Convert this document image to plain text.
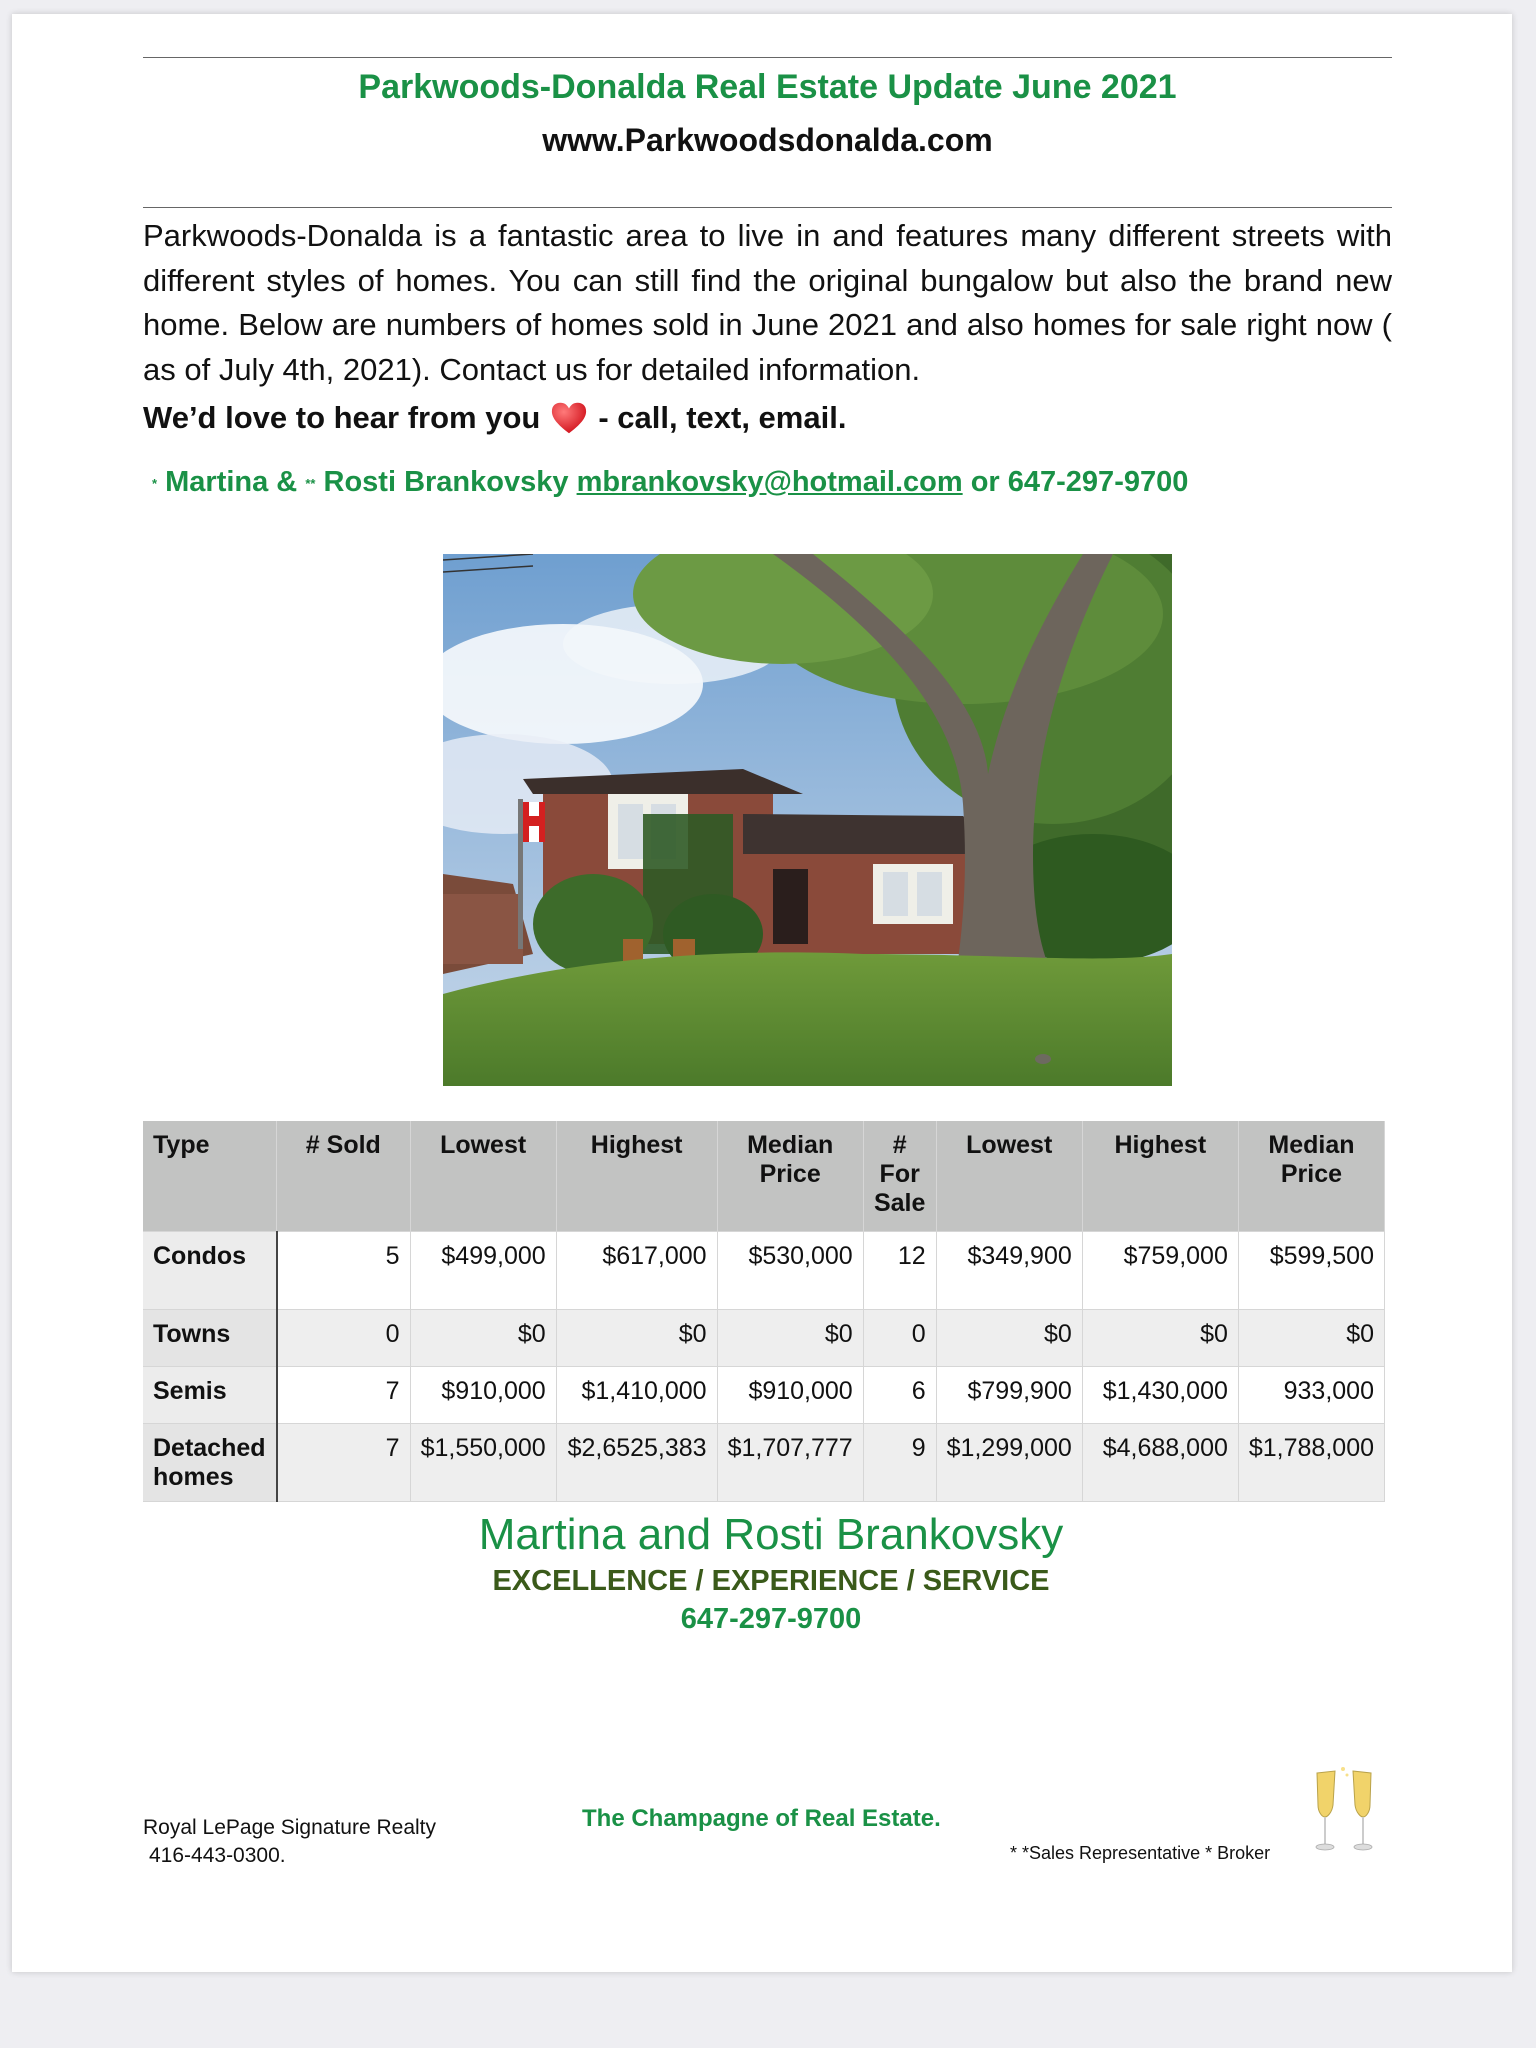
Parkwoods-Donalda Real Estate Update June 2021
www.Parkwoodsdonalda.com
Parkwoods-Donalda is a fantastic area to live in and features many different streets with different styles of homes. You can still find the original bungalow but also the brand new home. Below are numbers of homes sold in June 2021 and also homes for sale right now ( as of July 4th, 2021). Contact us for detailed information.
We’d love to hear from you - call, text, email.
* Martina & ** Rosti Brankovsky mbrankovsky@hotmail.com or 647-297-9700
Type	# Sold	Lowest	Highest	Median Price	# For Sale	Lowest	Highest	Median Price
Condos	5	$499,000	$617,000	$530,000	12	$349,900	$759,000	$599,500
Towns	0	$0	$0	$0	0	$0	$0	$0
Semis	7	$910,000	$1,410,000	$910,000	6	$799,900	$1,430,000	933,000
Detached homes	7	$1,550,000	$2,6525,383	$1,707,777	9	$1,299,000	$4,688,000	$1,788,000
Martina and Rosti Brankovsky
EXCELLENCE / EXPERIENCE / SERVICE
647-297-9700
Royal LePage Signature Realty
416-443-0300.
The Champagne of Real Estate.
* *Sales Representative * Broker
